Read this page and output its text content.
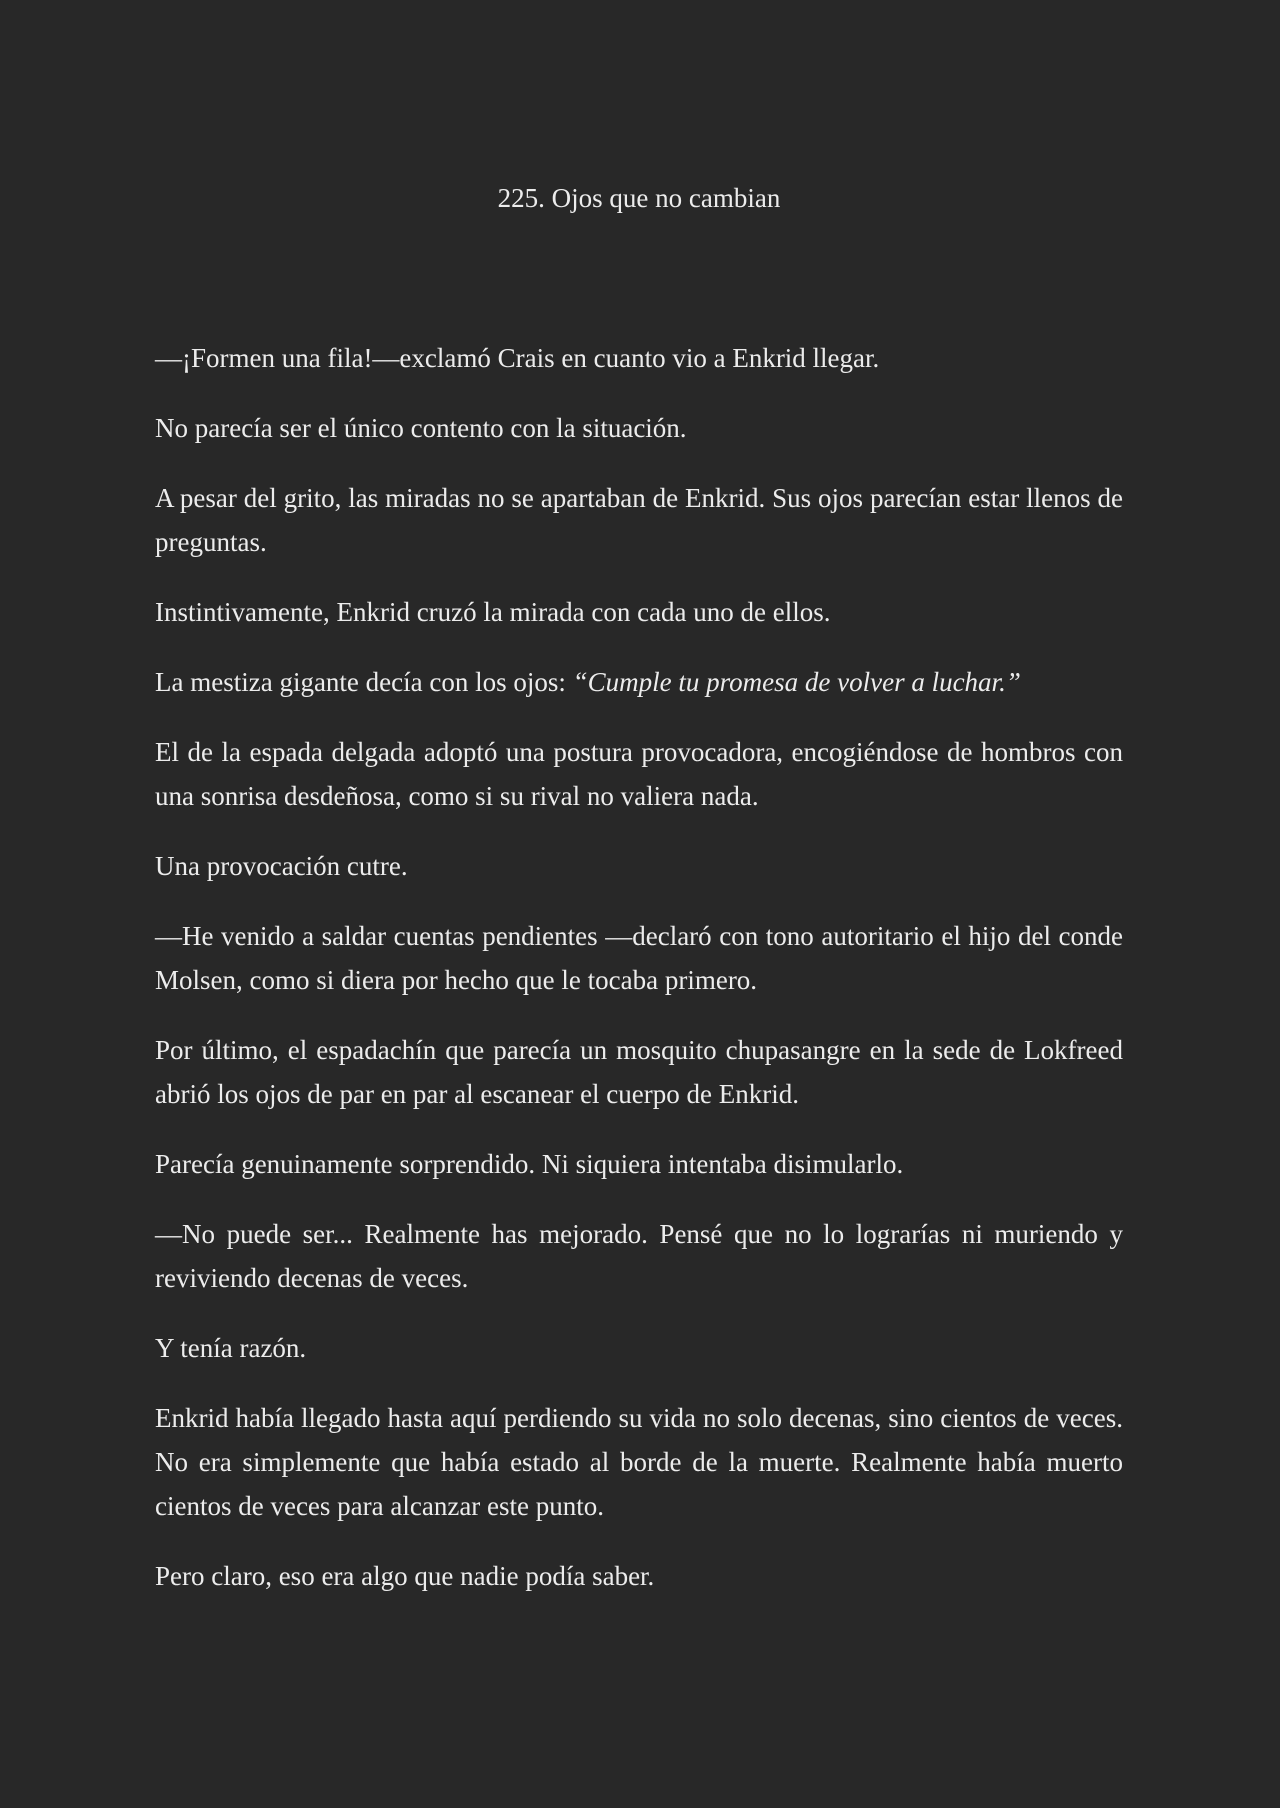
225. Ojos que no cambian

—¡Formen una fila!—exclamó Crais en cuanto vio a Enkrid llegar.

No parecía ser el único contento con la situación.

A pesar del grito, las miradas no se apartaban de Enkrid. Sus ojos parecían estar llenos de preguntas.

Instintivamente, Enkrid cruzó la mirada con cada uno de ellos.

La mestiza gigante decía con los ojos: “Cumple tu promesa de volver a luchar.”

El de la espada delgada adoptó una postura provocadora, encogiéndose de hombros con una sonrisa desdeñosa, como si su rival no valiera nada.

Una provocación cutre.

—He venido a saldar cuentas pendientes —declaró con tono autoritario el hijo del conde Molsen, como si diera por hecho que le tocaba primero.

Por último, el espadachín que parecía un mosquito chupasangre en la sede de Lokfreed abrió los ojos de par en par al escanear el cuerpo de Enkrid.

Parecía genuinamente sorprendido. Ni siquiera intentaba disimularlo.

—No puede ser... Realmente has mejorado. Pensé que no lo lograrías ni muriendo y reviviendo decenas de veces.

Y tenía razón.

Enkrid había llegado hasta aquí perdiendo su vida no solo decenas, sino cientos de veces. No era simplemente que había estado al borde de la muerte. Realmente había muerto cientos de veces para alcanzar este punto.

Pero claro, eso era algo que nadie podía saber.
